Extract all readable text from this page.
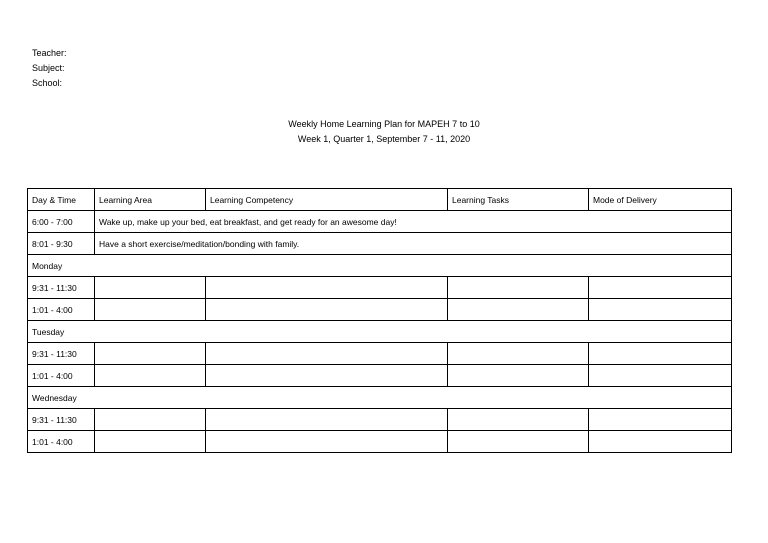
Teacher:
Subject:
School:
Weekly Home Learning Plan for MAPEH 7 to 10
Week 1, Quarter 1, September 7 - 11, 2020
Day & Time	Learning Area	Learning Competency	Learning Tasks	Mode of Delivery
6:00 - 7:00	Wake up, make up your bed, eat breakfast, and get ready for an awesome day!			
8:01 - 9:30	Have a short exercise/meditation/bonding with family.			
Monday				
9:31 - 11:30				
1:01 - 4:00				
Tuesday				
9:31 - 11:30				
1:01 - 4:00				
Wednesday				
9:31 - 11:30				
1:01 - 4:00				
